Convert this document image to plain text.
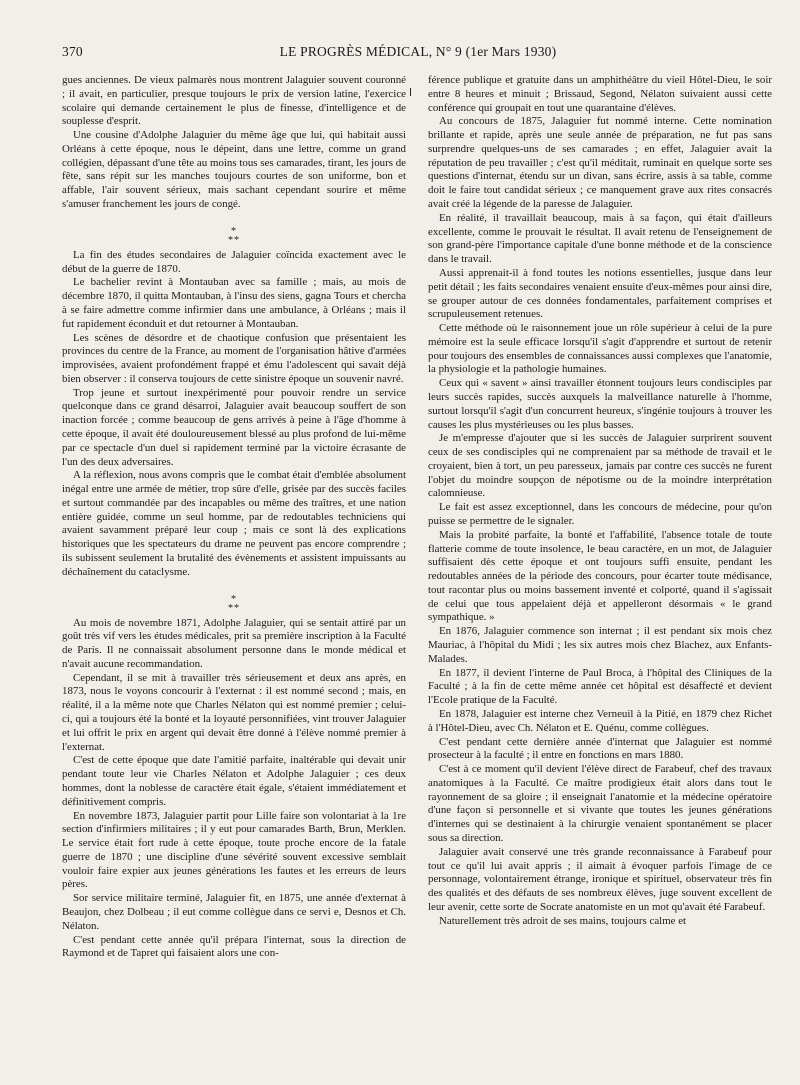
370	LE PROGRÈS MÉDICAL, N° 9 (1er Mars 1930)

gues anciennes. De vieux palmarès nous montrent Jalaguier souvent couronné ; il avait, en particulier, presque toujours le prix de version latine, l'exercice scolaire qui demande certainement le plus de finesse, d'intelligence et de souplesse d'esprit.

Une cousine d'Adolphe Jalaguier du même âge que lui, qui habitait aussi Orléans à cette époque, nous le dépeint, dans une lettre, comme un grand collégien, dépassant d'une tête au moins tous ses camarades, tirant, les jours de fête, sans répit sur les manches toujours courtes de son uniforme, bon et affable, l'air souvent sérieux, mais sachant cependant sourire et même s'amuser franchement les jours de congé.

*
**

La fin des études secondaires de Jalaguier coïncida exactement avec le début de la guerre de 1870.

Le bachelier revint à Montauban avec sa famille ; mais, au mois de décembre 1870, il quitta Montauban, à l'insu des siens, gagna Tours et chercha à se faire admettre comme infirmier dans une ambulance, à Orléans ; mais il fut rapidement éconduit et dut retourner à Montauban.

Les scènes de désordre et de chaotique confusion que présentaient les provinces du centre de la France, au moment de l'organisation hâtive d'armées improvisées, avaient profondément frappé et ému l'adolescent qui savait déjà bien observer : il conserva toujours de cette sinistre époque un souvenir navré.

Trop jeune et surtout inexpérimenté pour pouvoir rendre un service quelconque dans ce grand désarroi, Jalaguier avait beaucoup souffert de son inaction forcée ; comme beaucoup de gens arrivés à peine à l'âge d'homme à cette époque, il avait été douloureusement blessé au plus profond de lui-même par ce spectacle d'un duel si rapidement terminé par la victoire écrasante de l'un des deux adversaires.

A la réflexion, nous avons compris que le combat était d'emblée absolument inégal entre une armée de métier, trop sûre d'elle, grisée par des succès faciles et surtout commandée par des incapables ou même des traîtres, et une nation entière guidée, comme un seul homme, par de redoutables techniciens qui avaient savamment préparé leur coup ; mais ce sont là des explications historiques que les spectateurs du drame ne peuvent pas encore comprendre ; ils subissent seulement la brutalité des évènements et assistent impuissants au déchaînement du cataclysme.

*
**

Au mois de novembre 1871, Adolphe Jalaguier, qui se sentait attiré par un goût très vif vers les études médicales, prit sa première inscription à la Faculté de Paris. Il ne connaissait absolument personne dans le monde médical et n'avait aucune recommandation.

Cependant, il se mit à travailler très sérieusement et deux ans après, en 1873, nous le voyons concourir à l'externat : il est nommé second ; mais, en réalité, il a la même note que Charles Nélaton qui est nommé premier ; celui-ci, qui a toujours été la bonté et la loyauté personnifiées, vint trouver Jalaguier et lui offrit le prix en argent qui devait être donné à l'élève nommé premier à l'externat.

C'est de cette époque que date l'amitié parfaite, inaltérable qui devait unir pendant toute leur vie Charles Nélaton et Adolphe Jalaguier ; ces deux hommes, dont la noblesse de caractère était égale, s'étaient immédiatement et définitivement compris.

En novembre 1873, Jalaguier partit pour Lille faire son volontariat à la 1re section d'infirmiers militaires ; il y eut pour camarades Barth, Brun, Merklen. Le service était fort rude à cette époque, toute proche encore de la fatale guerre de 1870 ; une discipline d'une sévérité souvent excessive semblait vouloir faire expier aux jeunes générations les fautes et les erreurs de leurs pères.

Sor service militaire terminé, Jalaguier fit, en 1875, une année d'externat à Beaujon, chez Dolbeau ; il eut comme collègue dans ce servi e, Desnos et Ch. Nélaton.

C'est pendant cette année qu'il prépara l'internat, sous la direction de Raymond et de Tapret qui faisaient alors une con-

férence publique et gratuite dans un amphithéâtre du vieil Hôtel-Dieu, le soir entre 8 heures et minuit ; Brissaud, Segond, Nélaton suivaient aussi cette conférence qui groupait en tout une quarantaine d'élèves.

Au concours de 1875, Jalaguier fut nommé interne. Cette nomination brillante et rapide, après une seule année de préparation, ne fut pas sans surprendre quelques-uns de ses camarades ; en effet, Jalaguier avait la réputation de peu travailler ; c'est qu'il méditait, ruminait en quelque sorte ses questions d'internat, étendu sur un divan, sans écrire, assis à sa table, comme doit le faire tout candidat sérieux ; ce manquement grave aux rites consacrés avait créé la légende de la paresse de Jalaguier.

En réalité, il travaillait beaucoup, mais à sa façon, qui était d'ailleurs excellente, comme le prouvait le résultat. Il avait retenu de l'enseignement de son grand-père l'importance capitale d'une bonne méthode et de la conscience dans le travail.

Aussi apprenait-il à fond toutes les notions essentielles, jusque dans leur petit détail ; les faits secondaires venaient ensuite d'eux-mêmes pour ainsi dire, se grouper autour de ces données fondamentales, parfaitement comprises et scrupuleusement retenues.

Cette méthode où le raisonnement joue un rôle supérieur à celui de la pure mémoire est la seule efficace lorsqu'il s'agit d'apprendre et surtout de retenir pour toujours des ensembles de connaissances aussi complexes que l'anatomie, la physiologie et la pathologie humaines.

Ceux qui « savent » ainsi travailler étonnent toujours leurs condisciples par leurs succès rapides, succès auxquels la malveillance naturelle à l'homme, surtout lorsqu'il s'agit d'un concurrent heureux, s'ingénie toujours à trouver les causes les plus mystérieuses ou les plus basses.

Je m'empresse d'ajouter que si les succès de Jalaguier surprirent souvent ceux de ses condisciples qui ne comprenaient par sa méthode de travail et le croyaient, bien à tort, un peu paresseux, jamais par contre ces succès ne furent l'objet du moindre soupçon de népotisme ou de la moindre interprétation calomnieuse.

Le fait est assez exceptionnel, dans les concours de médecine, pour qu'on puisse se permettre de le signaler.

Mais la probité parfaite, la bonté et l'affabilité, l'absence totale de toute flatterie comme de toute insolence, le beau caractère, en un mot, de Jalaguier suffisaient dès cette époque et ont toujours suffi ensuite, pendant les redoutables années de la période des concours, pour écarter toute médisance, tout racontar plus ou moins bassement inventé et colporté, quand il s'agissait de celui que tous appelaient déjà et appelleront désormais « le grand sympathique. »

En 1876, Jalaguier commence son internat ; il est pendant six mois chez Mauriac, à l'hôpital du Midi ; les six autres mois chez Blachez, aux Enfants-Malades.

En 1877, il devient l'interne de Paul Broca, à l'hôpital des Cliniques de la Faculté ; à la fin de cette même année cet hôpital est désaffecté et devient l'Ecole pratique de la Faculté.

En 1878, Jalaguier est interne chez Verneuil à la Pitié, en 1879 chez Richet à l'Hôtel-Dieu, avec Ch. Nélaton et E. Quénu, comme collègues.

C'est pendant cette dernière année d'internat que Jalaguier est nommé prosecteur à la faculté ; il entre en fonctions en mars 1880.

C'est à ce moment qu'il devient l'élève direct de Farabeuf, chef des travaux anatomiques à la Faculté. Ce maître prodigieux était alors dans tout le rayonnement de sa gloire ; il enseignait l'anatomie et la médecine opératoire d'une façon si personnelle et si vivante que toutes les jeunes générations d'internes qui se destinaient à la chirurgie venaient spontanément se placer sous sa direction.

Jalaguier avait conservé une très grande reconnaissance à Farabeuf pour tout ce qu'il lui avait appris ; il aimait à évoquer parfois l'image de ce personnage, volontairement étrange, ironique et spirituel, observateur très fin des qualités et des défauts de ses nombreux élèves, juge souvent excellent de leur avenir, cette sorte de Socrate anatomiste en un mot qu'avait été Farabeuf.

Naturellement très adroit de ses mains, toujours calme et
